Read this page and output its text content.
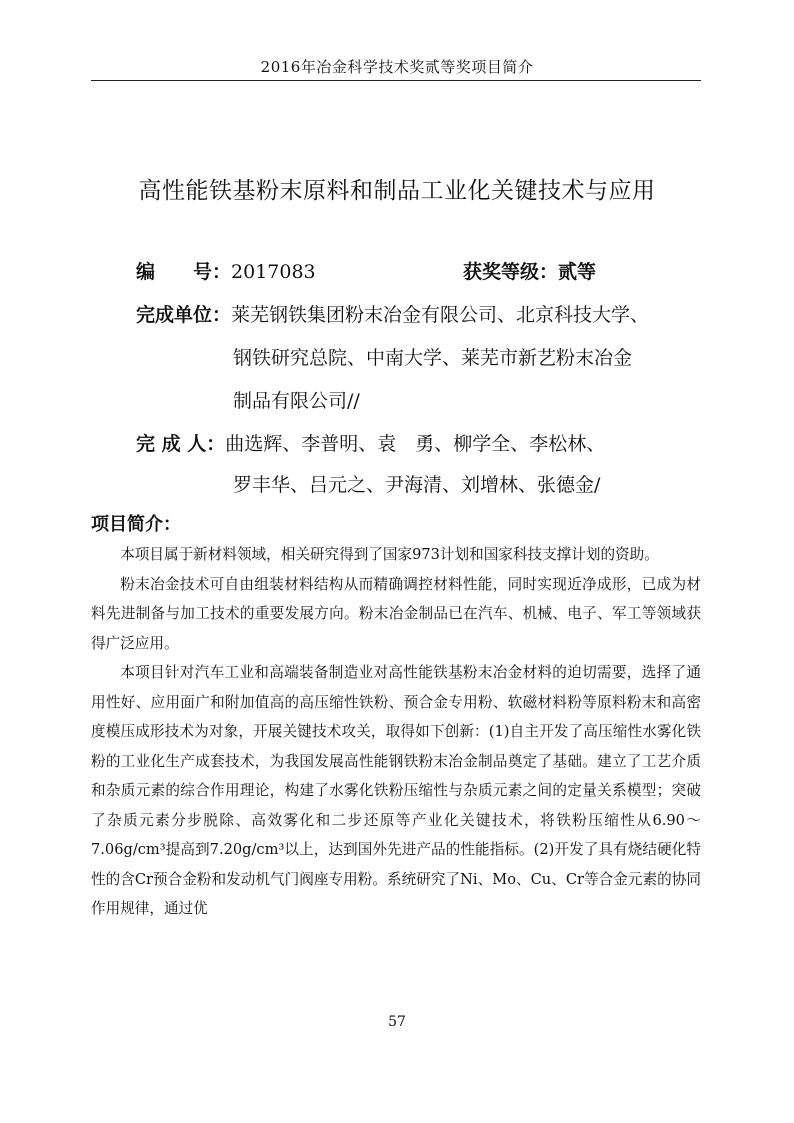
2016年冶金科学技术奖贰等奖项目简介
高性能铁基粉末原料和制品工业化关键技术与应用
编　　号：2017083	获奖等级：贰等
完成单位：莱芜钢铁集团粉末冶金有限公司、北京科技大学、
钢铁研究总院、中南大学、莱芜市新艺粉末冶金
制品有限公司//
完 成 人：曲选辉、李普明、袁　勇、柳学全、李松林、
罗丰华、吕元之、尹海清、刘增林、张德金/
项目简介：

本项目属于新材料领域，相关研究得到了国家973计划和国家科技支撑计划的资助。

粉末冶金技术可自由组装材料结构从而精确调控材料性能，同时实现近净成形，已成为材料先进制备与加工技术的重要发展方向。粉末冶金制品已在汽车、机械、电子、军工等领域获得广泛应用。

本项目针对汽车工业和高端装备制造业对高性能铁基粉末冶金材料的迫切需要，选择了通用性好、应用面广和附加值高的高压缩性铁粉、预合金专用粉、软磁材料粉等原料粉末和高密度模压成形技术为对象，开展关键技术攻关，取得如下创新：(1)自主开发了高压缩性水雾化铁粉的工业化生产成套技术，为我国发展高性能钢铁粉末冶金制品奠定了基础。建立了工艺介质和杂质元素的综合作用理论，构建了水雾化铁粉压缩性与杂质元素之间的定量关系模型；突破了杂质元素分步脱除、高效雾化和二步还原等产业化关键技术，将铁粉压缩性从6.90～7.06g/cm³提高到7.20g/cm³以上，达到国外先进产品的性能指标。(2)开发了具有烧结硬化特性的含Cr预合金粉和发动机气门阀座专用粉。系统研究了Ni、Mo、Cu、Cr等合金元素的协同作用规律，通过优

57
